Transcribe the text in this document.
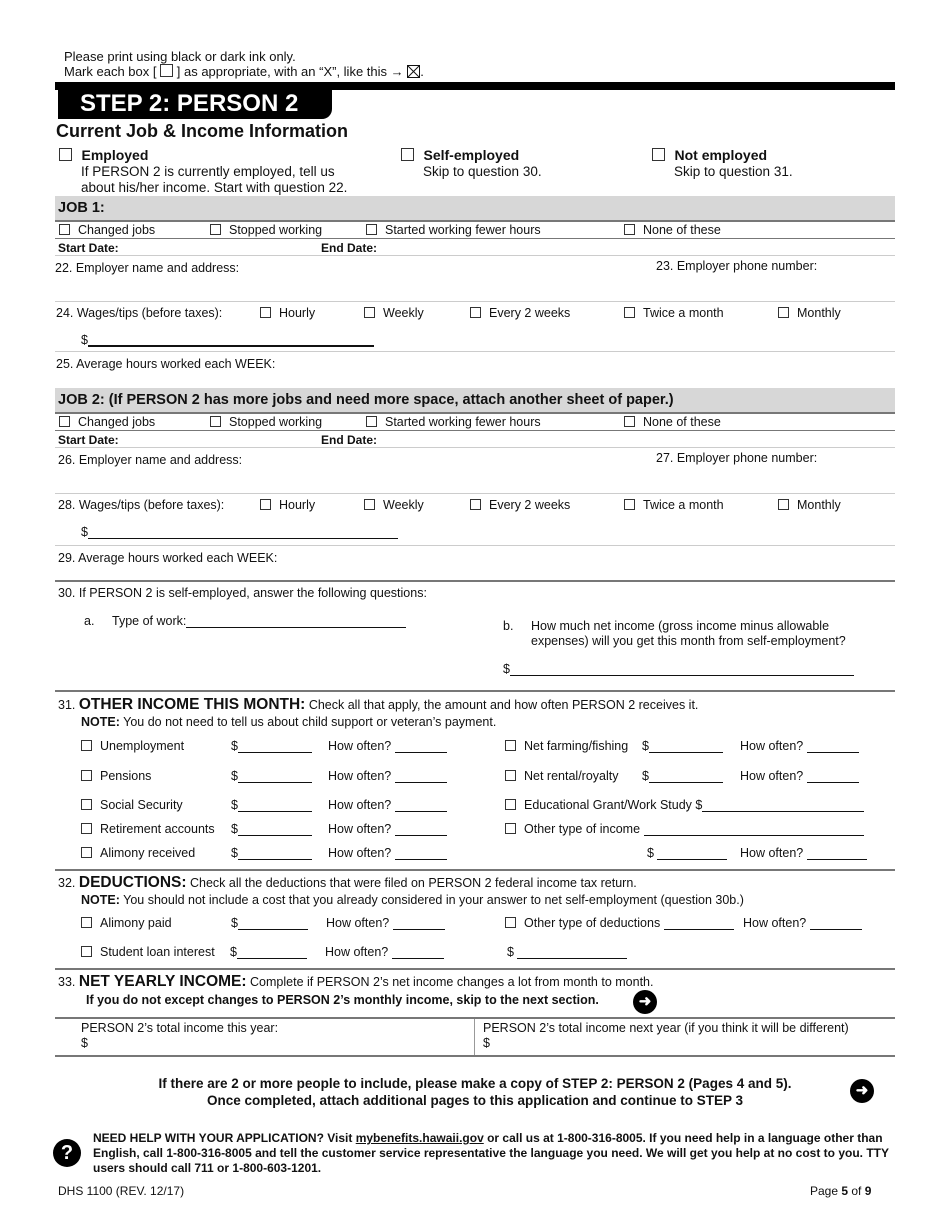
Please print using black or dark ink only.
Mark each box [ ] as appropriate, with an “X”, like this → .
STEP 2: PERSON 2
Current Job & Income Information
Employed
If PERSON 2 is currently employed, tell us
about his/her income. Start with question 22.
Self-employed
Skip to question 30.
Not employed
Skip to question 31.
JOB 1:
Changed jobs	Stopped working	Started working fewer hours	None of these
Start Date:	End Date:
22. Employer name and address:	23. Employer phone number:
24. Wages/tips (before taxes):	Hourly	Weekly	Every 2 weeks	Twice a month	Monthly
$
25. Average hours worked each WEEK:
JOB 2: (If PERSON 2 has more jobs and need more space, attach another sheet of paper.)
Changed jobs	Stopped working	Started working fewer hours	None of these
Start Date:	End Date:
26. Employer name and address:	27. Employer phone number:
28. Wages/tips (before taxes):	Hourly	Weekly	Every 2 weeks	Twice a month	Monthly
$
29. Average hours worked each WEEK:
30. If PERSON 2 is self-employed, answer the following questions:
a. Type of work:	b. How much net income (gross income minus allowable
expenses) will you get this month from self-employment?
$
31. OTHER INCOME THIS MONTH: Check all that apply, the amount and how often PERSON 2 receives it.
NOTE: You do not need to tell us about child support or veteran’s payment.
Unemployment	$	How often?	Net farming/fishing $	How often?
Pensions	$	How often?	Net rental/royalty $	How often?
Social Security	$	How often?	Educational Grant/Work Study $
Retirement accounts $	How often?	Other type of income
Alimony received	$	How often?	$	How often?
32. DEDUCTIONS: Check all the deductions that were filed on PERSON 2 federal income tax return.
NOTE: You should not include a cost that you already considered in your answer to net self-employment (question 30b.)
Alimony paid	$	How often?	Other type of deductions	How often?
Student loan interest $	How often?	$
33. NET YEARLY INCOME: Complete if PERSON 2’s net income changes a lot from month to month.
If you do not except changes to PERSON 2’s monthly income, skip to the next section.	➜
PERSON 2’s total income this year:
$
PERSON 2’s total income next year (if you think it will be different)
$
If there are 2 or more people to include, please make a copy of STEP 2: PERSON 2 (Pages 4 and 5).
Once completed, attach additional pages to this application and continue to STEP 3
➜
?
NEED HELP WITH YOUR APPLICATION? Visit mybenefits.hawaii.gov or call us at 1-800-316-8005. If you need help in a language other than English, call 1-800-316-8005 and tell the customer service representative the language you need. We will get you help at no cost to you. TTY users should call 711 or 1-800-603-1201.
DHS 1100 (REV. 12/17)	Page 5 of 9
